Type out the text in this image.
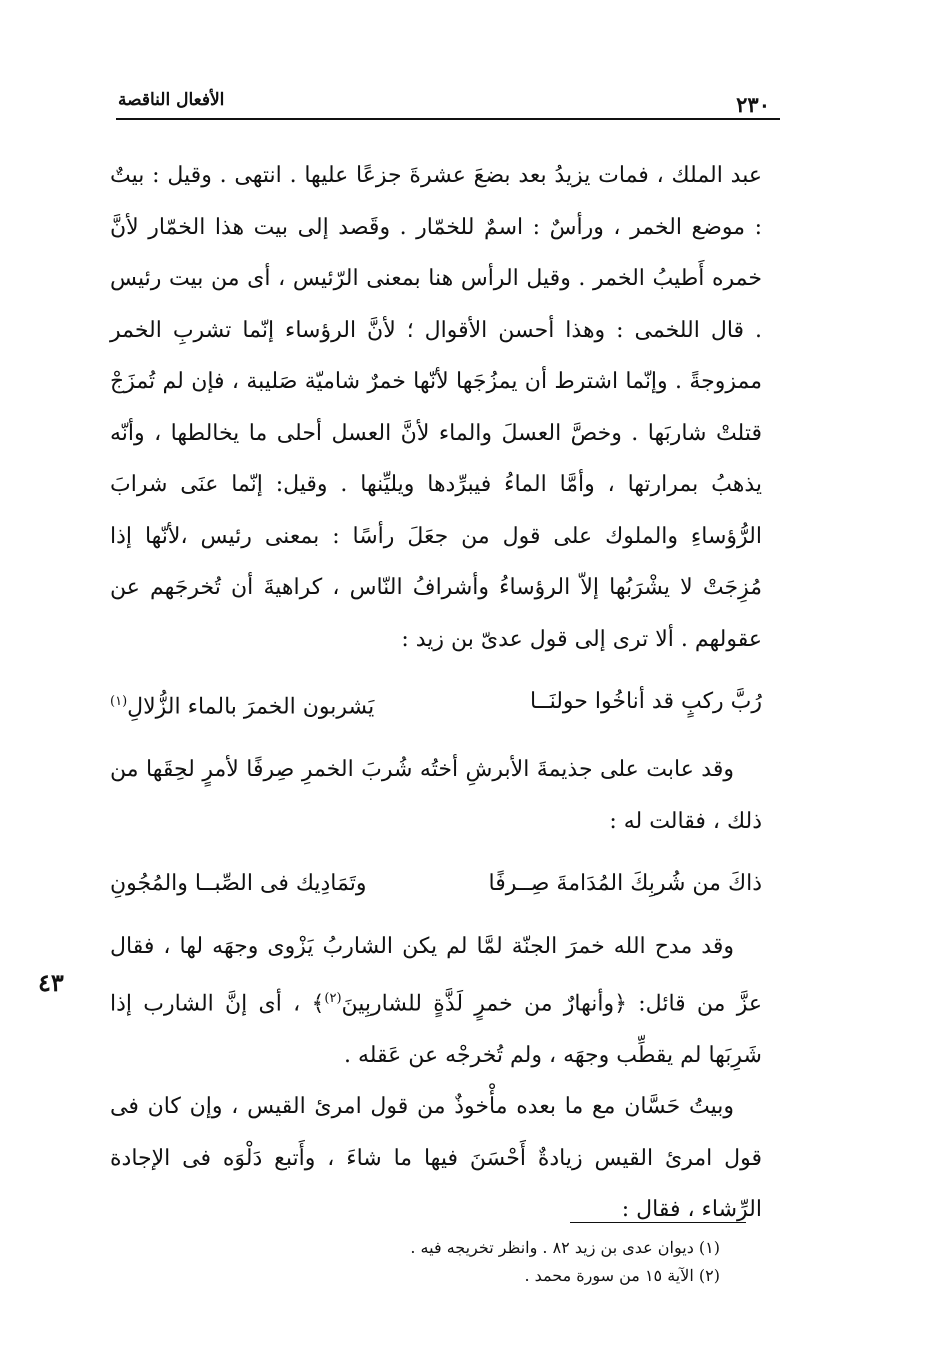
الأفعال الناقصة	٢٣٠
٤٣

عبد الملك ، فمات يزيدُ بعد بضعَ عشرةَ جزعًا عليها . انتهى . وقيل : بيتٌ : موضع الخمر ، ورأسٌ : اسمٌ للخمّار . وقَصد إلى بيت هذا الخمّار لأنَّ خمره أَطيبُ الخمر . وقيل الرأس هنا بمعنى الرّئيس ، أى من بيت رئيس . قال اللخمى : وهذا أحسن الأقوال ؛ لأنَّ الرؤساء إنّما تشربِ الخمر ممزوجةً . وإنّما اشترط أن يمزُجَها لأنّها خمرٌ شاميّة صَليبة ، فإن لم تُمزَجْ قتلتْ شاربَها . وخصَّ العسلَ والماء لأنَّ العسل أحلى ما يخالطها ، وأنّه يذهبُ بمرارتها ، وأمَّا الماءُ فيبرِّدها ويليِّنها . وقيل: إنّما عنَى شرابَ الرُّؤساءِ والملوك على قول من جعَلَ رأسًا : بمعنى رئيس ،لأنّها إذا مُزِجَتْ لا يشْرَبُها إلاّ الرؤساءُ وأشرافُ النّاس ، كراهيةَ أن تُخرجَهم عن عقولهم . ألا ترى إلى قول عدىّ بن زيد :

رُبَّ ركبٍ قد أناخُوا حولنَــا
يَشربون الخمرَ بالماء الزُّلالِ$^{(١)}$

وقد عابت على جذيمةَ الأبرشِ أختُه شُربَ الخمرِ صِرفًا لأمرٍ لحِقَها من ذلك ، فقالت له :

ذاكَ من شُربِكَ المُدَامةَ صِــرفًا
وتَمَادِيك فى الصِّبــا والمُجُونِ

وقد مدح الله خمرَ الجنّة لمَّا لم يكن الشاربُ يَزْوى وجهَه لها ، فقال عزَّ من قائل: ﴿وأنهارٌ من خمرٍ لَذَّةٍ للشاربِينَ$^{(٢)}$﴾ ، أى إنَّ الشارب إذا شَرِبَها لم يقطِّب وجهَه ، ولم تُخرجْه عن عَقله .

وبيتُ حَسَّان مع ما بعده مأْخوذٌ من قول امرئ القيس ، وإن كان فى قول امرئ القيس زيادةٌ أَحْسَنَ فيها ما شاءَ ، وأَتبع دَلْوَه فى الإجادة الرِّشاء ، فقال :

(١) ديوان عدى بن زيد ٨٢ . وانظر تخريجه فيه .
(٢) الآية ١٥ من سورة محمد .
